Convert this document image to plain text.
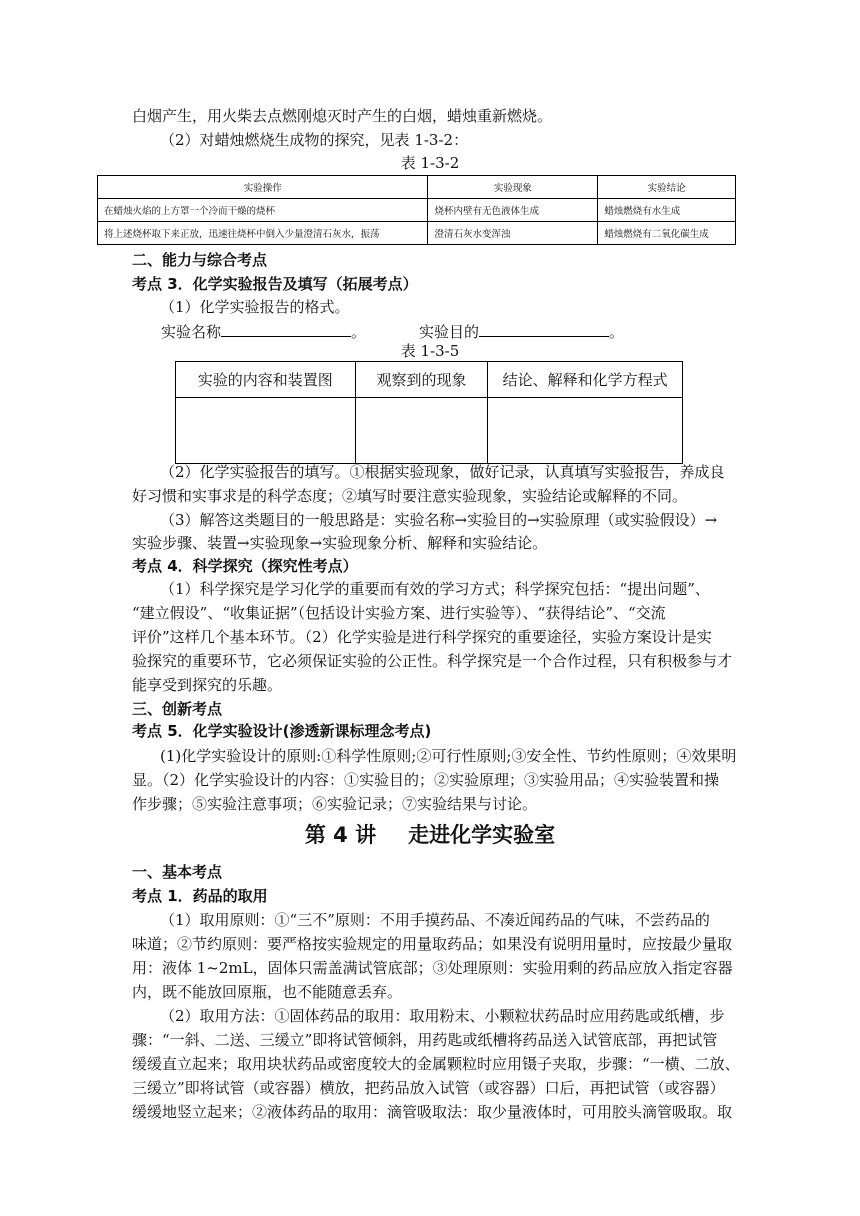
白烟产生，用火柴去点燃刚熄灭时产生的白烟，蜡烛重新燃烧。
（2）对蜡烛燃烧生成物的探究，见表 1-3-2：
表 1-3-2
实验操作	实验现象	实验结论
在蜡烛火焰的上方罩一个冷而干燥的烧杯	烧杯内壁有无色液体生成	蜡烛燃烧有水生成
将上述烧杯取下来正放，迅速往烧杯中倒入少量澄清石灰水，振荡	澄清石灰水变浑浊	蜡烛燃烧有二氧化碳生成
二、能力与综合考点
考点 3．化学实验报告及填写（拓展考点）
（1）化学实验报告的格式。
实验名称	。	实验目的	。
表 1-3-5
实验的内容和装置图	观察到的现象	结论、解释和化学方程式

（2）化学实验报告的填写。①根据实验现象，做好记录，认真填写实验报告，养成良
好习惯和实事求是的科学态度；②填写时要注意实验现象，实验结论或解释的不同。
（3）解答这类题目的一般思路是：实验名称→实验目的→实验原理（或实验假设）→
实验步骤、装置→实验现象→实验现象分析、解释和实验结论。
考点 4．科学探究（探究性考点）
（1）科学探究是学习化学的重要而有效的学习方式；科学探究包括：“提出问题”、
“建立假设”、“收集证据”（包括设计实验方案、进行实验等）、“获得结论”、“交流
评价”这样几个基本环节。（2）化学实验是进行科学探究的重要途径，实验方案设计是实
验探究的重要环节，它必须保证实验的公正性。科学探究是一个合作过程，只有积极参与才
能享受到探究的乐趣。
三、创新考点
考点 5．化学实验设计(渗透新课标理念考点)
(1)化学实验设计的原则:①科学性原则;②可行性原则;③安全性、节约性原则；④效果明
显。（2）化学实验设计的内容：①实验目的；②实验原理；③实验用品；④实验装置和操
作步骤；⑤实验注意事项；⑥实验记录；⑦实验结果与讨论。
第 4 讲 走进化学实验室
一、基本考点
考点 1．药品的取用
（1）取用原则：①“三不”原则：不用手摸药品、不凑近闻药品的气味，不尝药品的
味道；②节约原则：要严格按实验规定的用量取药品；如果没有说明用量时，应按最少量取
用：液体 1~2mL，固体只需盖满试管底部；③处理原则：实验用剩的药品应放入指定容器
内，既不能放回原瓶，也不能随意丢弃。
（2）取用方法：①固体药品的取用：取用粉末、小颗粒状药品时应用药匙或纸槽，步
骤：“一斜、二送、三缓立”即将试管倾斜，用药匙或纸槽将药品送入试管底部，再把试管
缓缓直立起来；取用块状药品或密度较大的金属颗粒时应用镊子夹取，步骤：“一横、二放、
三缓立”即将试管（或容器）横放，把药品放入试管（或容器）口后，再把试管（或容器）
缓缓地竖立起来；②液体药品的取用：滴管吸取法：取少量液体时，可用胶头滴管吸取。取
